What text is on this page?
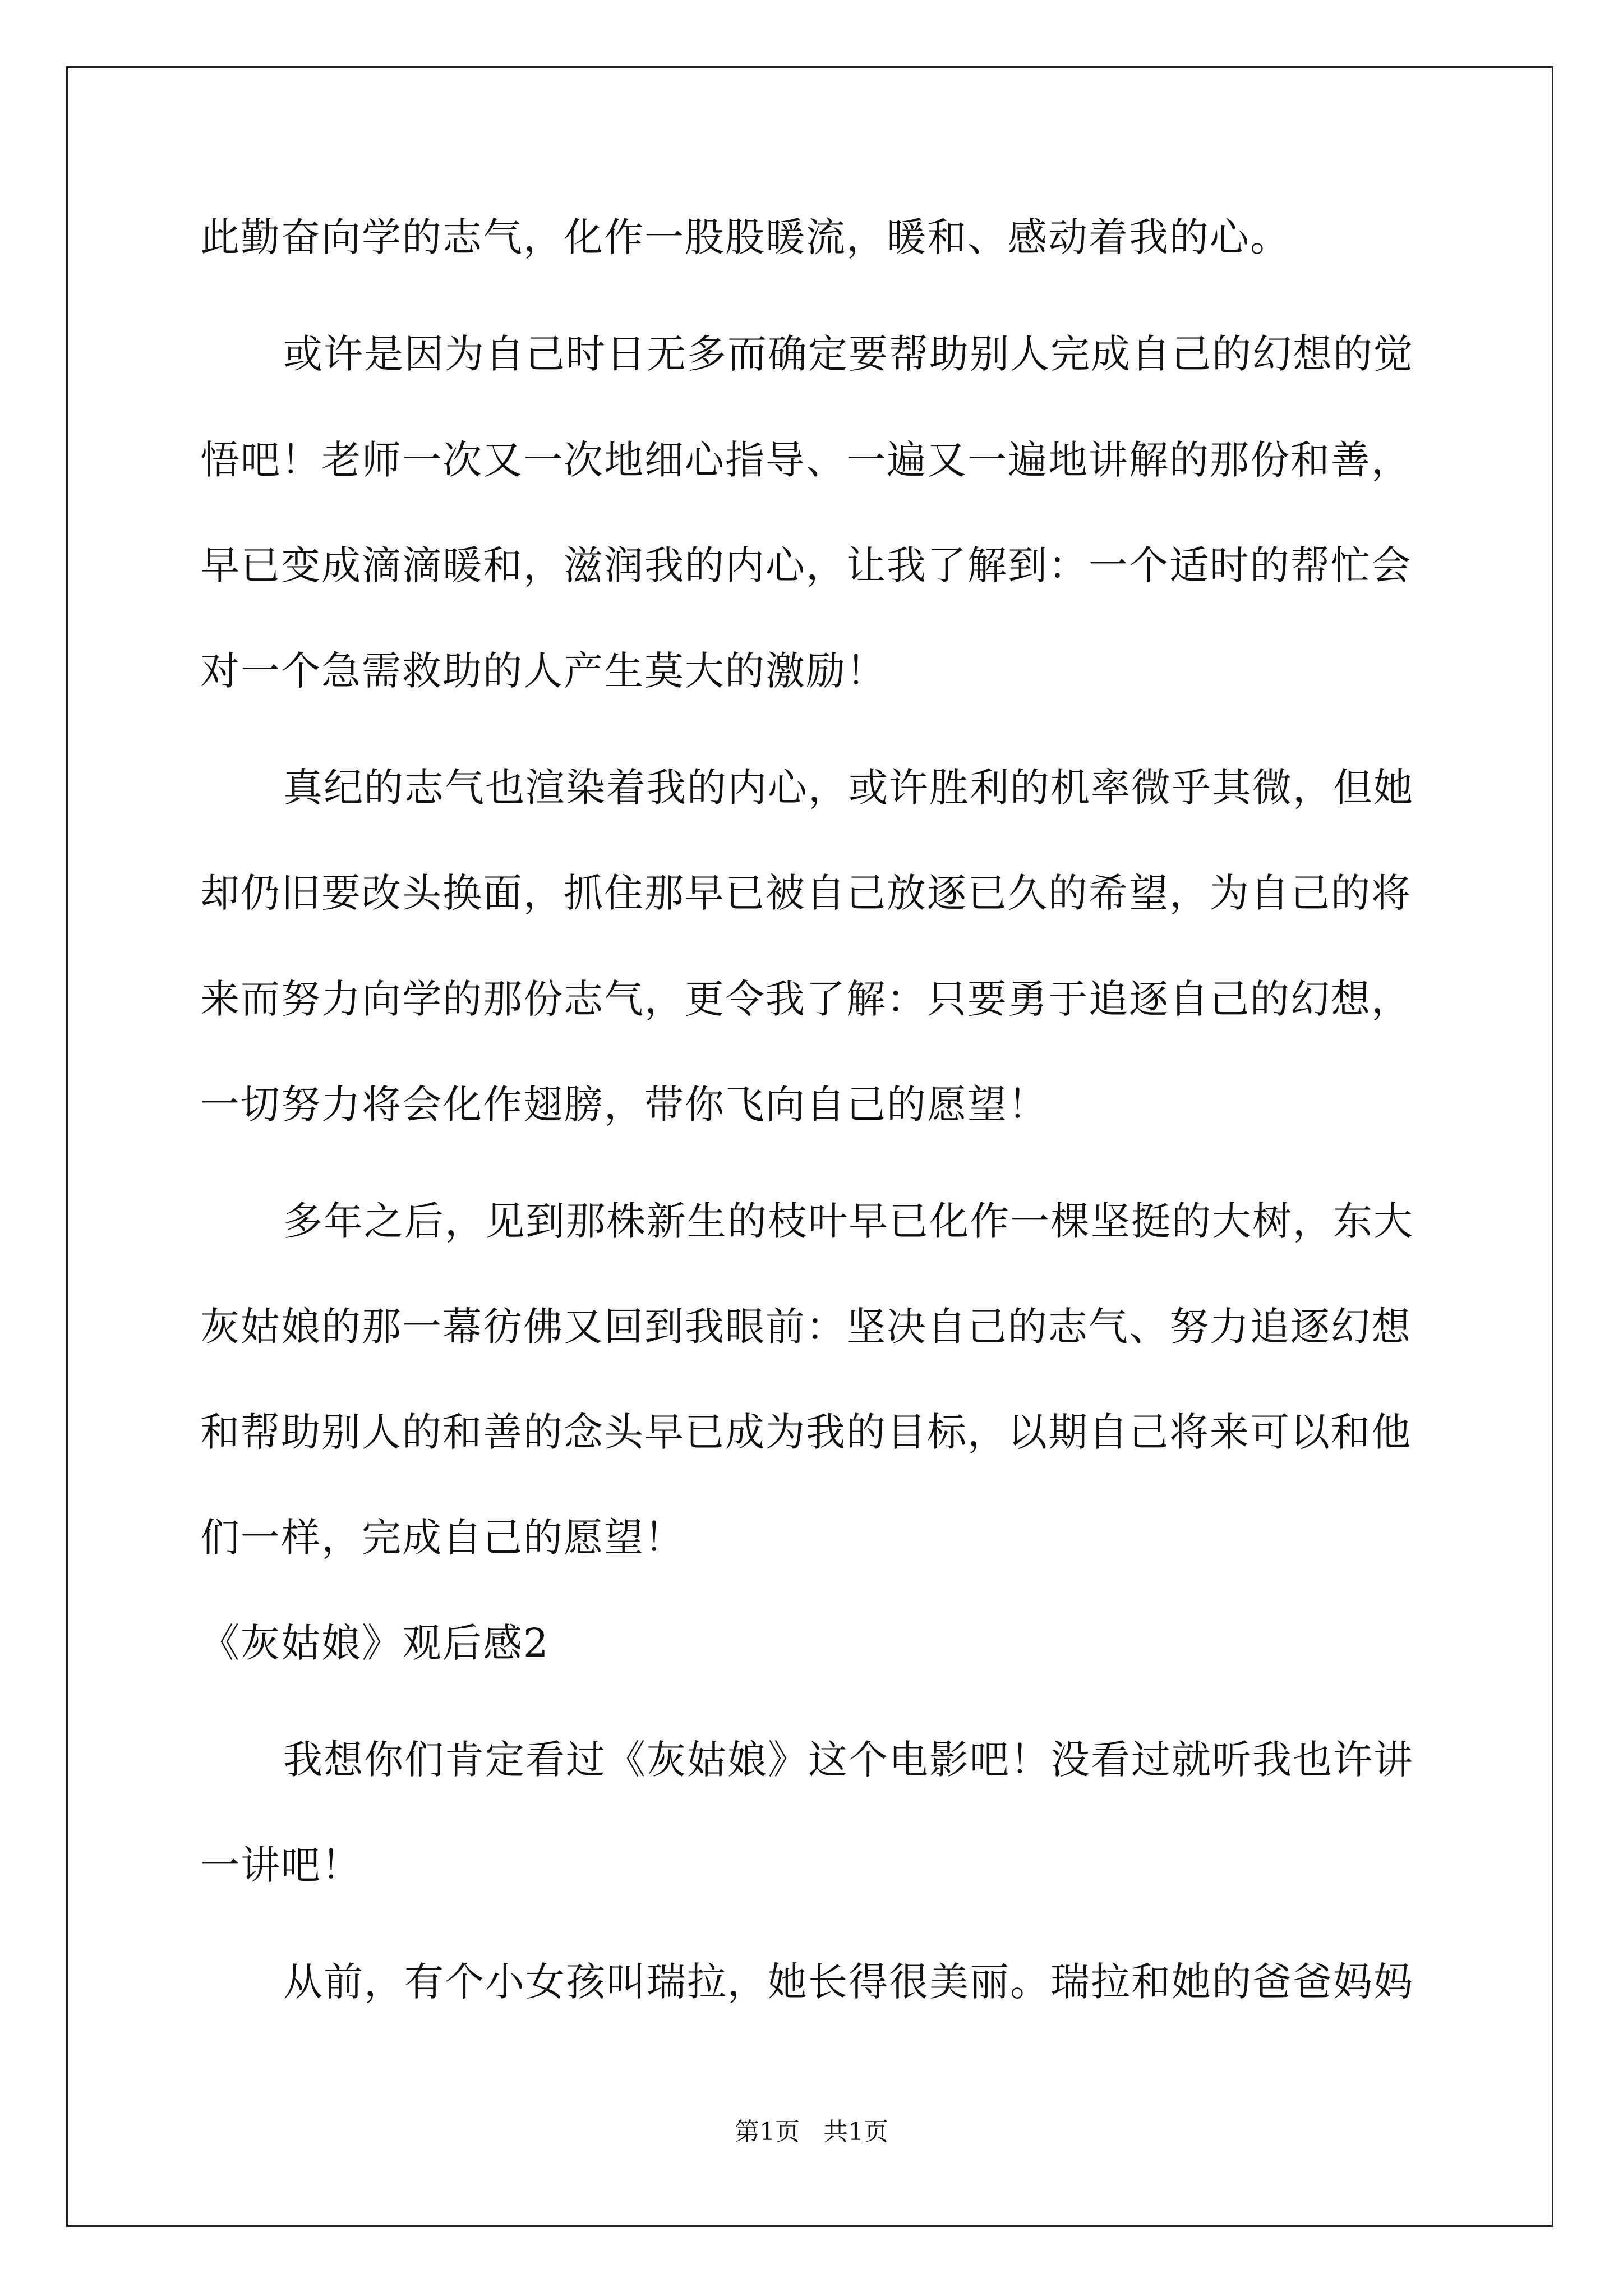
此勤奋向学的志气，化作一股股暖流，暖和、感动着我的心。
或许是因为自己时日无多而确定要帮助别人完成自己的幻想的觉
悟吧！老师一次又一次地细心指导、一遍又一遍地讲解的那份和善，
早已变成滴滴暖和，滋润我的内心，让我了解到：一个适时的帮忙会
对一个急需救助的人产生莫大的激励！
真纪的志气也渲染着我的内心，或许胜利的机率微乎其微，但她
却仍旧要改头换面，抓住那早已被自己放逐已久的希望，为自己的将
来而努力向学的那份志气，更令我了解：只要勇于追逐自己的幻想，
一切努力将会化作翅膀，带你飞向自己的愿望！
多年之后，见到那株新生的枝叶早已化作一棵坚挺的大树，东大
灰姑娘的那一幕彷佛又回到我眼前：坚决自己的志气、努力追逐幻想
和帮助别人的和善的念头早已成为我的目标，以期自己将来可以和他
们一样，完成自己的愿望！
《灰姑娘》观后感2
我想你们肯定看过《灰姑娘》这个电影吧！没看过就听我也许讲
一讲吧！
从前，有个小女孩叫瑞拉，她长得很美丽。瑞拉和她的爸爸妈妈
第1页   共1页
